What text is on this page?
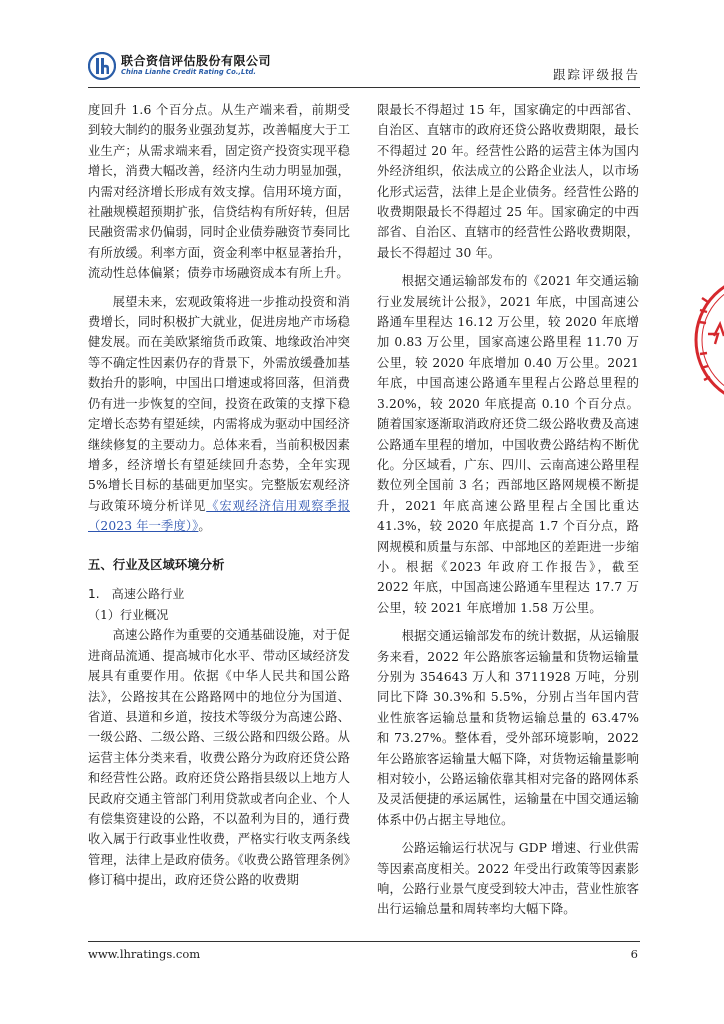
联合资信评估股份有限公司
China Lianhe Credit Rating Co.,Ltd.	跟踪评级报告

度回升 1.6 个百分点。从生产端来看，前期受到较大制约的服务业强劲复苏，改善幅度大于工业生产；从需求端来看，固定资产投资实现平稳增长，消费大幅改善，经济内生动力明显加强，内需对经济增长形成有效支撑。信用环境方面，社融规模超预期扩张，信贷结构有所好转，但居民融资需求仍偏弱，同时企业债券融资节奏同比有所放缓。利率方面，资金利率中枢显著抬升，流动性总体偏紧；债券市场融资成本有所上升。

展望未来，宏观政策将进一步推动投资和消费增长，同时积极扩大就业，促进房地产市场稳健发展。而在美欧紧缩货币政策、地缘政治冲突等不确定性因素仍存的背景下，外需放缓叠加基数抬升的影响，中国出口增速或将回落，但消费仍有进一步恢复的空间，投资在政策的支撑下稳定增长态势有望延续，内需将成为驱动中国经济继续修复的主要动力。总体来看，当前积极因素增多，经济增长有望延续回升态势，全年实现 5%增长目标的基础更加坚实。完整版宏观经济与政策环境分析详见《宏观经济信用观察季报（2023 年一季度）》。

五、行业及区域环境分析

1.　高速公路行业

（1）行业概况

高速公路作为重要的交通基础设施，对于促进商品流通、提高城市化水平、带动区域经济发展具有重要作用。依据《中华人民共和国公路法》，公路按其在公路路网中的地位分为国道、省道、县道和乡道，按技术等级分为高速公路、一级公路、二级公路、三级公路和四级公路。从运营主体分类来看，收费公路分为政府还贷公路和经营性公路。政府还贷公路指县级以上地方人民政府交通主管部门利用贷款或者向企业、个人有偿集资建设的公路，不以盈利为目的，通行费收入属于行政事业性收费，严格实行收支两条线管理，法律上是政府债务。《收费公路管理条例》修订稿中提出，政府还贷公路的收费期

限最长不得超过 15 年，国家确定的中西部省、自治区、直辖市的政府还贷公路收费期限，最长不得超过 20 年。经营性公路的运营主体为国内外经济组织，依法成立的公路企业法人，以市场化形式运营，法律上是企业债务。经营性公路的收费期限最长不得超过 25 年。国家确定的中西部省、自治区、直辖市的经营性公路收费期限，最长不得超过 30 年。

根据交通运输部发布的《2021 年交通运输行业发展统计公报》，2021 年底，中国高速公路通车里程达 16.12 万公里，较 2020 年底增加 0.83 万公里，国家高速公路里程 11.70 万公里，较 2020 年底增加 0.40 万公里。2021 年底，中国高速公路通车里程占公路总里程的 3.20%，较 2020 年底提高 0.10 个百分点。随着国家逐渐取消政府还贷二级公路收费及高速公路通车里程的增加，中国收费公路结构不断优化。分区域看，广东、四川、云南高速公路里程数位列全国前 3 名；西部地区路网规模不断提升，2021 年底高速公路里程占全国比重达 41.3%，较 2020 年底提高 1.7 个百分点，路网规模和质量与东部、中部地区的差距进一步缩小。根据《2023 年政府工作报告》，截至 2022 年底，中国高速公路通车里程达 17.7 万公里，较 2021 年底增加 1.58 万公里。

根据交通运输部发布的统计数据，从运输服务来看，2022 年公路旅客运输量和货物运输量分别为 354643 万人和 3711928 万吨，分别同比下降 30.3%和 5.5%，分别占当年国内营业性旅客运输总量和货物运输总量的 63.47%和 73.27%。整体看，受外部环境影响，2022 年公路旅客运输量大幅下降，对货物运输量影响相对较小，公路运输依靠其相对完备的路网体系及灵活便捷的承运属性，运输量在中国交通运输体系中仍占据主导地位。

公路运输运行状况与 GDP 增速、行业供需等因素高度相关。2022 年受出行政策等因素影响，公路行业景气度受到较大冲击，营业性旅客出行运输总量和周转率均大幅下降。

www.lhratings.com	6
